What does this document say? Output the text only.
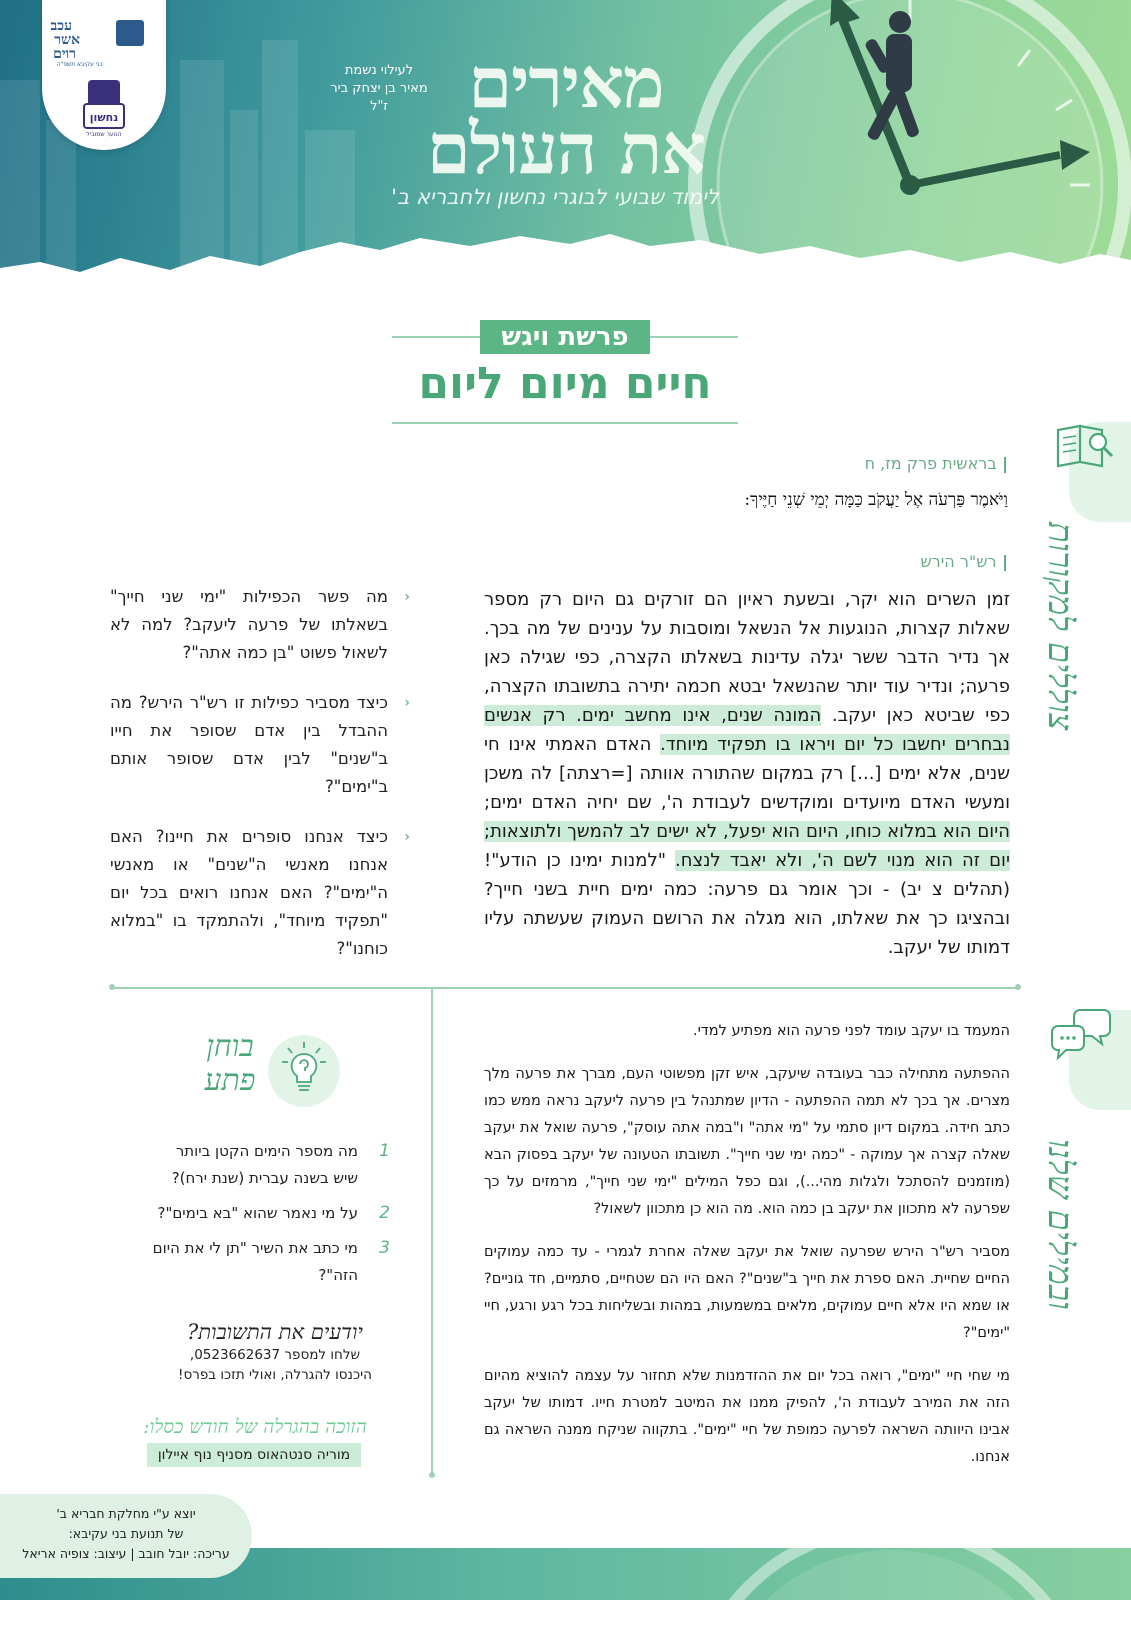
לעילוי נשמת
מאיר בן יצחק ביר ז"ל	מאירים
את העולם
לימוד שבועי לבוגרי נחשון ולחבריא ב'
עכב
אשר
רוים
בני עקיבא תשפ"ה
נחשון
הנוער שמוביל
פרשת ויגש
חיים מיום ליום
צוללים למקורות
ובמילים שלנו
| בראשית פרק מז, ח
וַיֹּאמֶר פַּרְעֹה אֶל יַעֲקֹב כַּמָּה יְמֵי שְׁנֵי חַיֶּיךָ:
| רש"ר הירש
זמן השרים הוא יקר, ובשעת ראיון הם זורקים גם היום רק מספר שאלות קצרות, הנוגעות אל הנשאל ומוסבות על ענינים של מה בכך. אך נדיר הדבר ששר יגלה עדינות בשאלתו הקצרה, כפי שגילה כאן פרעה; ונדיר עוד יותר שהנשאל יבטא חכמה יתירה בתשובתו הקצרה, כפי שביטא כאן יעקב. המונה שנים, אינו מחשב ימים. רק אנשים נבחרים יחשבו כל יום ויראו בו תפקיד מיוחד. האדם האמתי אינו חי שנים, אלא ימים [...] רק במקום שהתורה אוותה [=רצתה] לה משכן ומעשי האדם מיועדים ומוקדשים לעבודת ה', שם יחיה האדם ימים; היום הוא במלוא כוחו, היום הוא יפעל, לא ישים לב להמשך ולתוצאות; יום זה הוא מנוי לשם ה', ולא יאבד לנצח. "למנות ימינו כן הודע"! (תהלים צ יב) - וכך אומר גם פרעה: כמה ימים חיית בשני חייך? ובהציגו כך את שאלתו, הוא מגלה את הרושם העמוק שעשתה עליו דמותו של יעקב.
‹
מה פשר הכפילות "ימי שני חייך" בשאלתו של פרעה ליעקב? למה לא לשאול פשוט "בן כמה אתה"?
‹
כיצד מסביר כפילות זו רש"ר הירש? מה ההבדל בין אדם שסופר את חייו ב"שנים" לבין אדם שסופר אותם ב"ימים"?
‹
כיצד אנחנו סופרים את חיינו? האם אנחנו מאנשי ה"שנים" או מאנשי ה"ימים"? האם אנחנו רואים בכל יום "תפקיד מיוחד", ולהתמקד בו "במלוא כוחנו"?

המעמד בו יעקב עומד לפני פרעה הוא מפתיע למדי.

ההפתעה מתחילה כבר בעובדה שיעקב, איש זקן מפשוטי העם, מברך את פרעה מלך מצרים. אך בכך לא תמה ההפתעה - הדיון שמתנהל בין פרעה ליעקב נראה ממש כמו כתב חידה. במקום דיון סתמי על "מי אתה" ו"במה אתה עוסק", פרעה שואל את יעקב שאלה קצרה אך עמוקה - "כמה ימי שני חייך". תשובתו הטעונה של יעקב בפסוק הבא (מוזמנים להסתכל ולגלות מהי...), וגם כפל המילים "ימי שני חייך", מרמזים על כך שפרעה לא מתכוון את יעקב בן כמה הוא. מה הוא כן מתכוון לשאול?

מסביר רש"ר הירש שפרעה שואל את יעקב שאלה אחרת לגמרי - עד כמה עמוקים החיים שחיית. האם ספרת את חייך ב"שנים"? האם היו הם שטחיים, סתמיים, חד גוניים? או שמא היו אלא חיים עמוקים, מלאים במשמעות, במהות ובשליחות בכל רגע ורגע, חיי "ימים"?

מי שחי חיי "ימים", רואה בכל יום את ההזדמנות שלא תחזור על עצמה להוציא מהיום הזה את המירב לעבודת ה', להפיק ממנו את המיטב למטרת חייו. דמותו של יעקב אבינו היוותה השראה לפרעה כמופת של חיי "ימים". בתקווה שניקח ממנה השראה גם אנחנו.

בוחן
פתע
1
מה מספר הימים הקטן ביותר שיש בשנה עברית (שנת ירח)?
2
על מי נאמר שהוא "בא בימים"?
3
מי כתב את השיר "תן לי את היום הזה"?
יודעים את התשובות?
שלחו למספר 0523662637,
היכנסו להגרלה, ואולי תזכו בפרס!
הזוכה בהגרלה של חודש כסלו:
מוריה סנטהאוס מסניף נוף איילון
יוצא ע"י מחלקת חבריא ב'
של תנועת בני עקיבא:
עריכה: יובל חובב | עיצוב: צופיה אריאל
